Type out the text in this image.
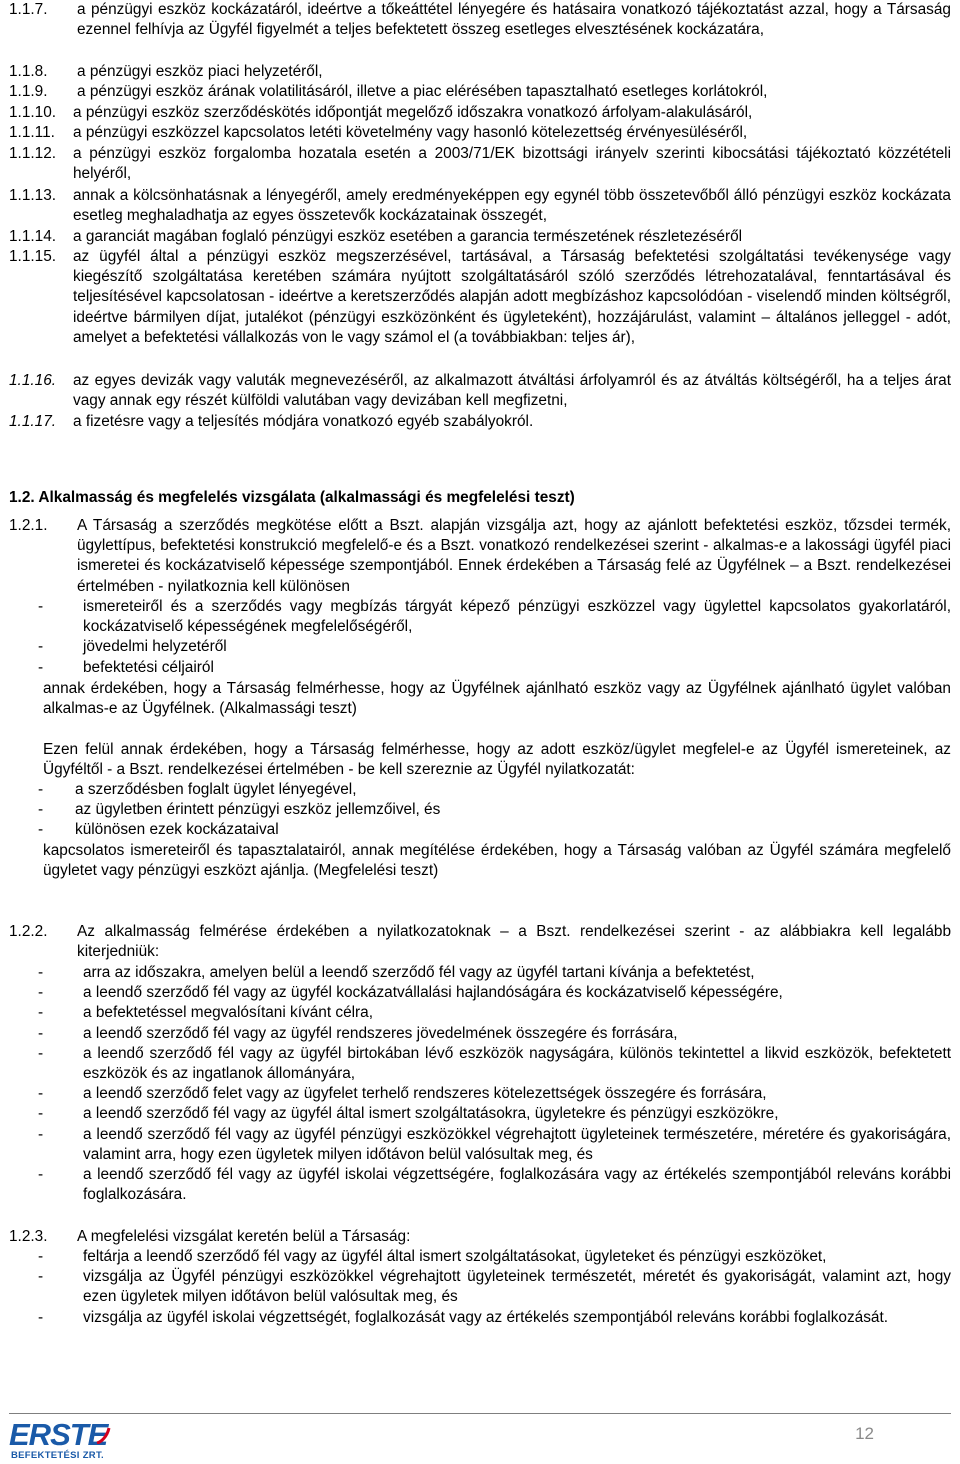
1.1.7. a pénzügyi eszköz kockázatáról, ideértve a tőkeáttétel lényegére és hatásaira vonatkozó tájékoztatást azzal, hogy a Társaság ezennel felhívja az Ügyfél figyelmét a teljes befektetett összeg esetleges elvesztésének kockázatára,
1.1.8. a pénzügyi eszköz piaci helyzetéről,
1.1.9. a pénzügyi eszköz árának volatilitásáról, illetve a piac elérésében tapasztalható esetleges korlátokról,
1.1.10. a pénzügyi eszköz szerződéskötés időpontját megelőző időszakra vonatkozó árfolyam-alakulásáról,
1.1.11. a pénzügyi eszközzel kapcsolatos letéti követelmény vagy hasonló kötelezettség érvényesüléséről,
1.1.12. a pénzügyi eszköz forgalomba hozatala esetén a 2003/71/EK bizottsági irányelv szerinti kibocsátási tájékoztató közzétételi helyéről,
1.1.13. annak a kölcsönhatásnak a lényegéről, amely eredményeképpen egy egynél több összetevőből álló pénzügyi eszköz kockázata esetleg meghaladhatja az egyes összetevők kockázatainak összegét,
1.1.14. a garanciát magában foglaló pénzügyi eszköz esetében a garancia természetének részletezéséről
1.1.15. az ügyfél által a pénzügyi eszköz megszerzésével, tartásával, a Társaság befektetési szolgáltatási tevékenysége vagy kiegészítő szolgáltatása keretében számára nyújtott szolgáltatásáról szóló szerződés létrehozatalával, fenntartásával és teljesítésével kapcsolatosan - ideértve a keretszerződés alapján adott megbízáshoz kapcsolódóan - viselendő minden költségről, ideértve bármilyen díjat, jutalékot (pénzügyi eszközönként és ügyleteként), hozzájárulást, valamint – általános jelleggel - adót, amelyet a befektetési vállalkozás von le vagy számol el (a továbbiakban: teljes ár),
1.1.16. az egyes devizák vagy valuták megnevezéséről, az alkalmazott átváltási árfolyamról és az átváltás költségéről, ha a teljes árat vagy annak egy részét külföldi valutában vagy devizában kell megfizetni,
1.1.17. a fizetésre vagy a teljesítés módjára vonatkozó egyéb szabályokról.
1.2. Alkalmasság és megfelelés vizsgálata (alkalmassági és megfelelési teszt)
1.2.1. A Társaság a szerződés megkötése előtt a Bszt. alapján vizsgálja azt, hogy az ajánlott befektetési eszköz, tőzsdei termék, ügylettípus, befektetési konstrukció megfelelő-e és a Bszt. vonatkozó rendelkezései szerint - alkalmas-e a lakossági ügyfél piaci ismeretei és kockázatviselő képessége szempontjából. Ennek érdekében a Társaság felé az Ügyfélnek – a Bszt. rendelkezései értelmében - nyilatkoznia kell különösen
-	ismereteiről és a szerződés vagy megbízás tárgyát képező pénzügyi eszközzel vagy ügylettel kapcsolatos gyakorlatáról, kockázatviselő képességének megfelelőségéről,
-	jövedelmi helyzetéről
-	befektetési céljairól
annak érdekében, hogy a Társaság felmérhesse, hogy az Ügyfélnek ajánlható eszköz vagy az Ügyfélnek ajánlható ügylet valóban alkalmas-e az Ügyfélnek. (Alkalmassági teszt)
Ezen felül annak érdekében, hogy a Társaság felmérhesse, hogy az adott eszköz/ügylet megfelel-e az Ügyfél ismereteinek, az Ügyféltől - a Bszt. rendelkezései értelmében - be kell szereznie az Ügyfél nyilatkozatát:
- a szerződésben foglalt ügylet lényegével,
- az ügyletben érintett pénzügyi eszköz jellemzőivel, és
- különösen ezek kockázataival
kapcsolatos ismereteiről és tapasztalatairól, annak megítélése érdekében, hogy a Társaság valóban az Ügyfél számára megfelelő ügyletet vagy pénzügyi eszközt ajánlja. (Megfelelési teszt)
1.2.2. Az alkalmasság felmérése érdekében a nyilatkozatoknak – a Bszt. rendelkezései szerint - az alábbiakra kell legalább kiterjedniük:
-	arra az időszakra, amelyen belül a leendő szerződő fél vagy az ügyfél tartani kívánja a befektetést,
-	a leendő szerződő fél vagy az ügyfél kockázatvállalási hajlandóságára és kockázatviselő képességére,
-	a befektetéssel megvalósítani kívánt célra,
-	a leendő szerződő fél vagy az ügyfél rendszeres jövedelmének összegére és forrására,
-	a leendő szerződő fél vagy az ügyfél birtokában lévő eszközök nagyságára, különös tekintettel a likvid eszközök, befektetett eszközök és az ingatlanok állományára,
-	a leendő szerződő felet vagy az ügyfelet terhelő rendszeres kötelezettségek összegére és forrására,
-	a leendő szerződő fél vagy az ügyfél által ismert szolgáltatásokra, ügyletekre és pénzügyi eszközökre,
-	a leendő szerződő fél vagy az ügyfél pénzügyi eszközökkel végrehajtott ügyleteinek természetére, méretére és gyakoriságára, valamint arra, hogy ezen ügyletek milyen időtávon belül valósultak meg, és
-	a leendő szerződő fél vagy az ügyfél iskolai végzettségére, foglalkozására vagy az értékelés szempontjából releváns korábbi foglalkozására.
1.2.3. A megfelelési vizsgálat keretén belül a Társaság:
-	feltárja a leendő szerződő fél vagy az ügyfél által ismert szolgáltatásokat, ügyleteket és pénzügyi eszközöket,
-	vizsgálja az Ügyfél pénzügyi eszközökkel végrehajtott ügyleteinek természetét, méretét és gyakoriságát, valamint azt, hogy ezen ügyletek milyen időtávon belül valósultak meg, és
-	vizsgálja az ügyfél iskolai végzettségét, foglalkozását vagy az értékelés szempontjából releváns korábbi foglalkozását.
ERSTE
BEFEKTETÉSI ZRT.
12
